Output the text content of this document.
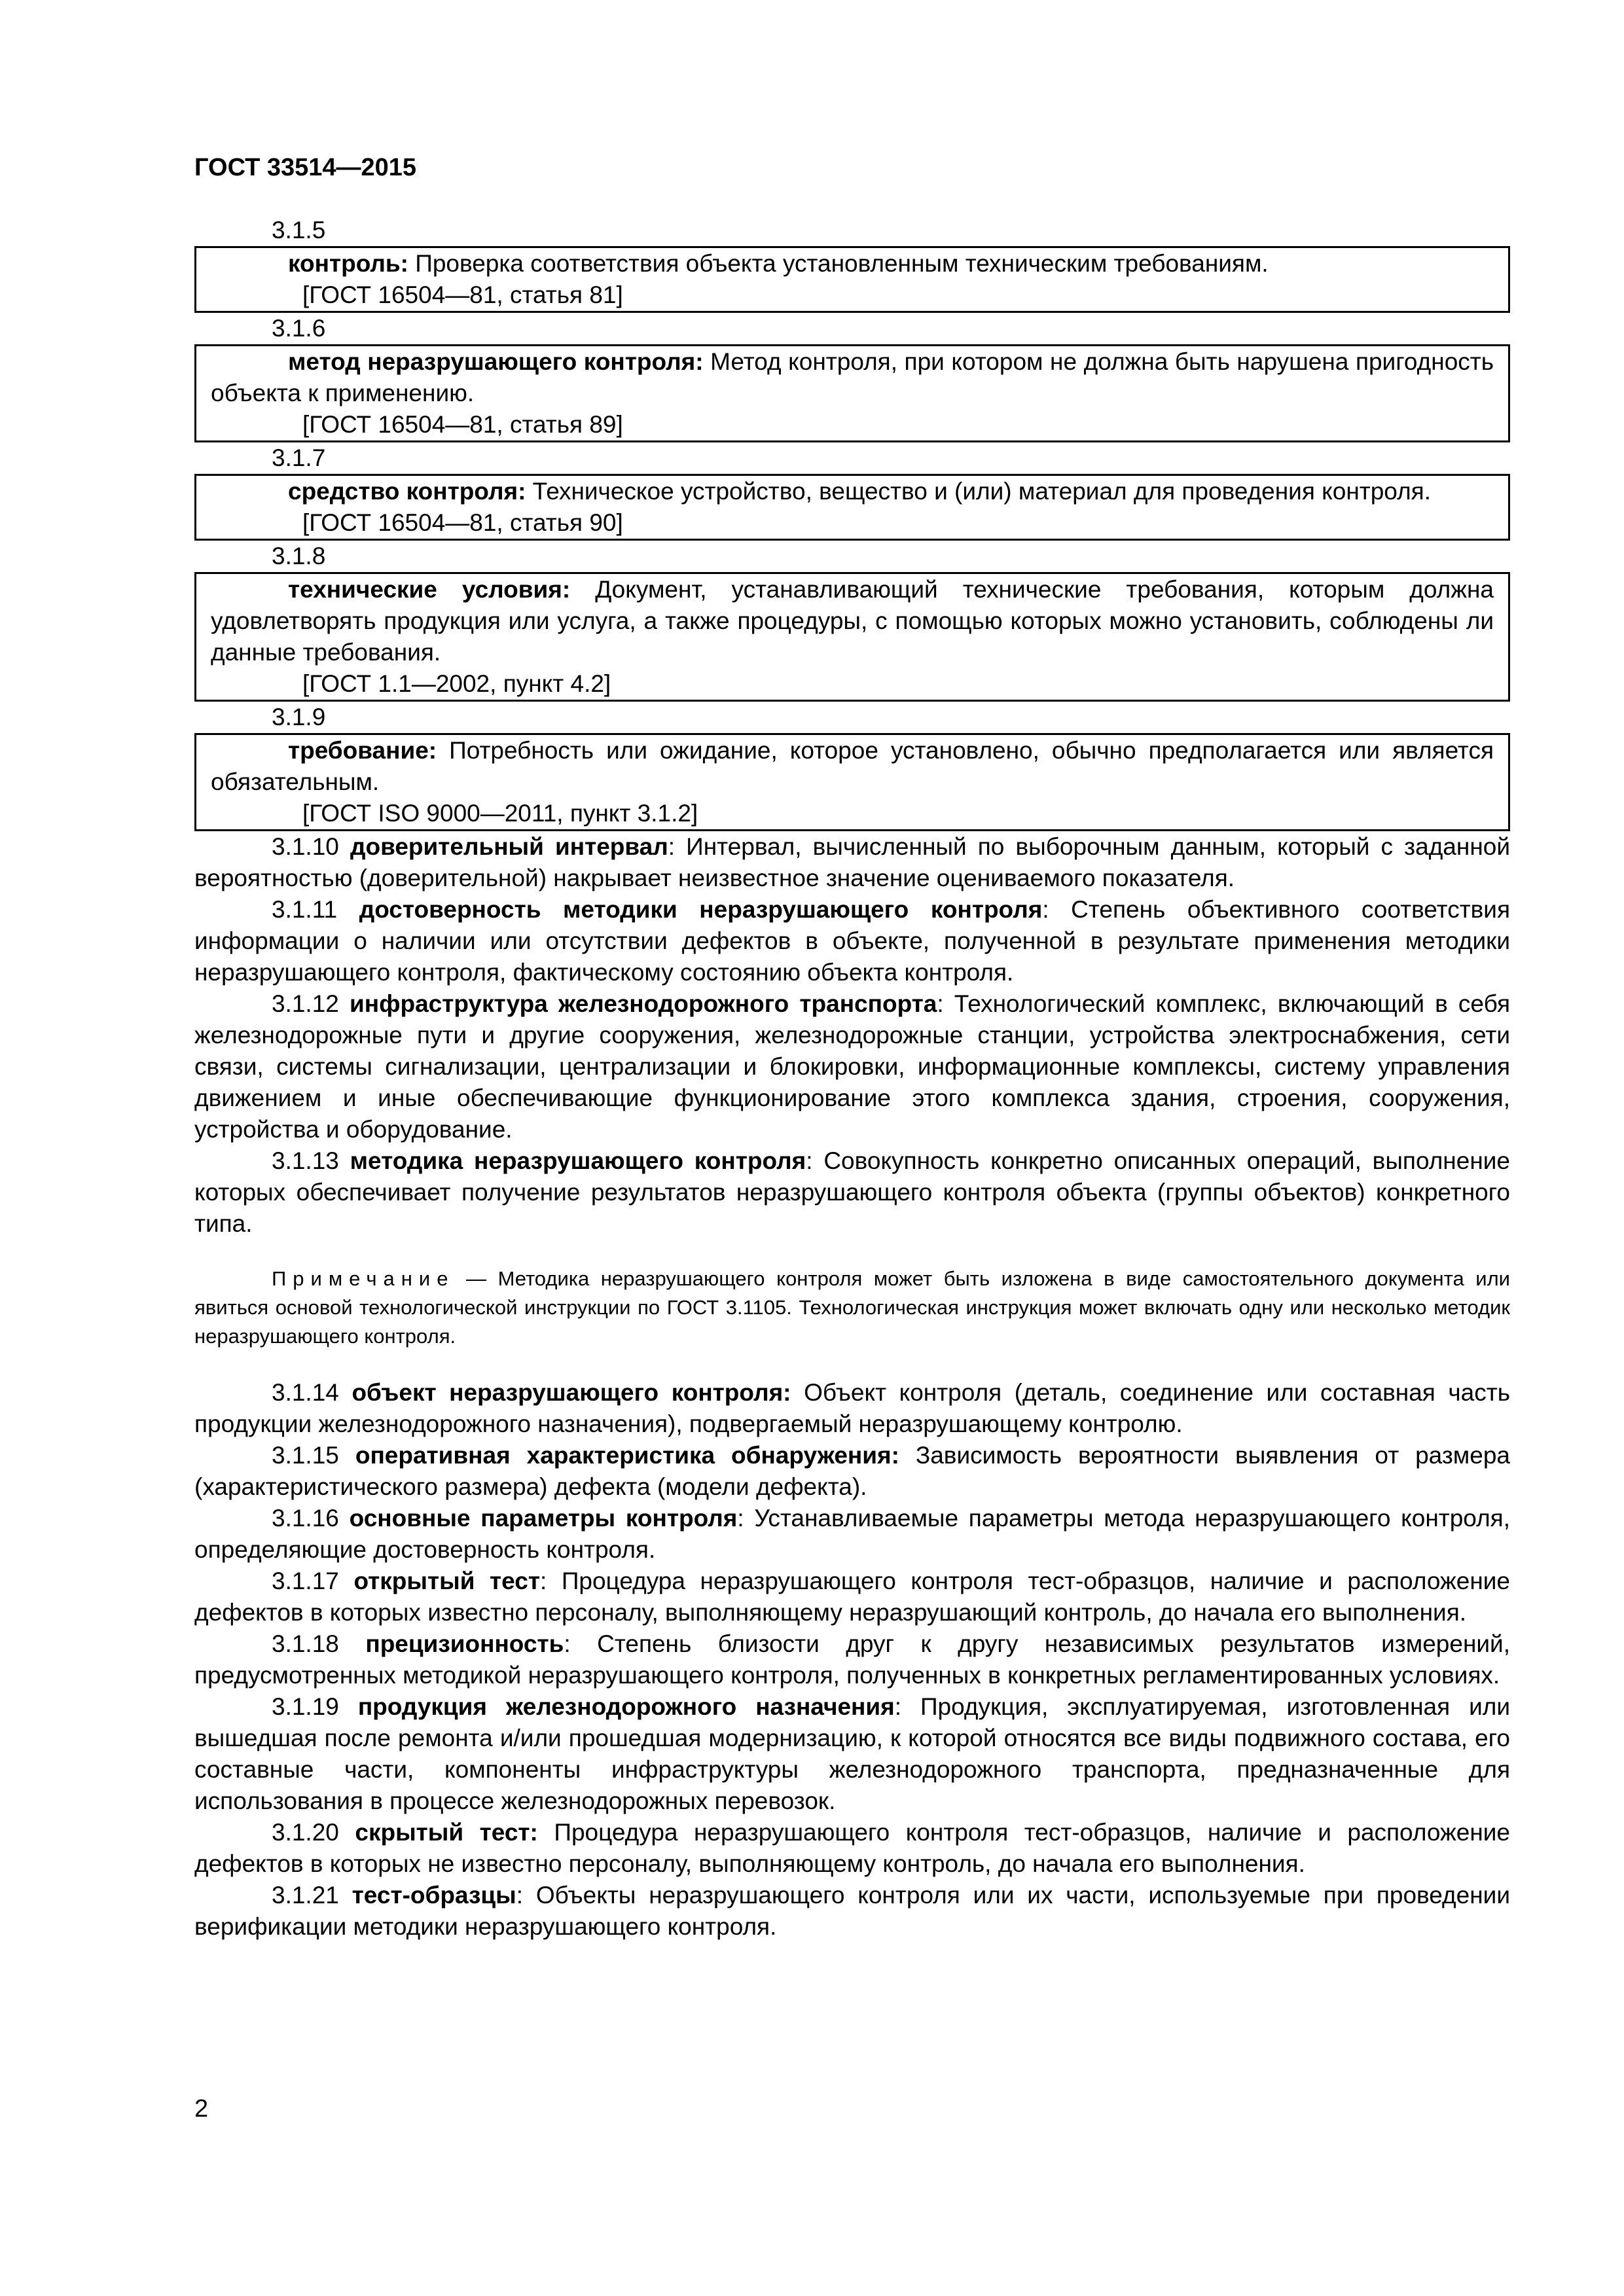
ГОСТ 33514—2015
3.1.5
контроль: Проверка соответствия объекта установленным техническим требованиям.
[ГОСТ 16504—81, статья 81]
3.1.6
метод неразрушающего контроля: Метод контроля, при котором не должна быть нарушена пригодность объекта к применению.
[ГОСТ 16504—81, статья 89]
3.1.7
средство контроля: Техническое устройство, вещество и (или) материал для проведения контроля.
[ГОСТ 16504—81, статья 90]
3.1.8
технические условия: Документ, устанавливающий технические требования, которым должна удовлетворять продукция или услуга, а также процедуры, с помощью которых можно установить, соблюдены ли данные требования.
[ГОСТ 1.1—2002, пункт 4.2]
3.1.9
требование: Потребность или ожидание, которое установлено, обычно предполагается или является обязательным.
[ГОСТ ISO 9000—2011, пункт 3.1.2]
3.1.10 доверительный интервал: Интервал, вычисленный по выборочным данным, который с заданной вероятностью (доверительной) накрывает неизвестное значение оцениваемого показателя.
3.1.11 достоверность методики неразрушающего контроля: Степень объективного соответствия информации о наличии или отсутствии дефектов в объекте, полученной в результате применения методики неразрушающего контроля, фактическому состоянию объекта контроля.
3.1.12 инфраструктура железнодорожного транспорта: Технологический комплекс, включающий в себя железнодорожные пути и другие сооружения, железнодорожные станции, устройства электроснабжения, сети связи, системы сигнализации, централизации и блокировки, информационные комплексы, систему управления движением и иные обеспечивающие функционирование этого комплекса здания, строения, сооружения, устройства и оборудование.
3.1.13 методика неразрушающего контроля: Совокупность конкретно описанных операций, выполнение которых обеспечивает получение результатов неразрушающего контроля объекта (группы объектов) конкретного типа.
Примечание — Методика неразрушающего контроля может быть изложена в виде самостоятельного документа или явиться основой технологической инструкции по ГОСТ 3.1105. Технологическая инструкция может включать одну или несколько методик неразрушающего контроля.
3.1.14 объект неразрушающего контроля: Объект контроля (деталь, соединение или составная часть продукции железнодорожного назначения), подвергаемый неразрушающему контролю.
3.1.15 оперативная характеристика обнаружения: Зависимость вероятности выявления от размера (характеристического размера) дефекта (модели дефекта).
3.1.16 основные параметры контроля: Устанавливаемые параметры метода неразрушающего контроля, определяющие достоверность контроля.
3.1.17 открытый тест: Процедура неразрушающего контроля тест-образцов, наличие и расположение дефектов в которых известно персоналу, выполняющему неразрушающий контроль, до начала его выполнения.
3.1.18 прецизионность: Степень близости друг к другу независимых результатов измерений, предусмотренных методикой неразрушающего контроля, полученных в конкретных регламентированных условиях.
3.1.19 продукция железнодорожного назначения: Продукция, эксплуатируемая, изготовленная или вышедшая после ремонта и/или прошедшая модернизацию, к которой относятся все виды подвижного состава, его составные части, компоненты инфраструктуры железнодорожного транспорта, предназначенные для использования в процессе железнодорожных перевозок.
3.1.20 скрытый тест: Процедура неразрушающего контроля тест-образцов, наличие и расположение дефектов в которых не известно персоналу, выполняющему контроль, до начала его выполнения.
3.1.21 тест-образцы: Объекты неразрушающего контроля или их части, используемые при проведении верификации методики неразрушающего контроля.
2
